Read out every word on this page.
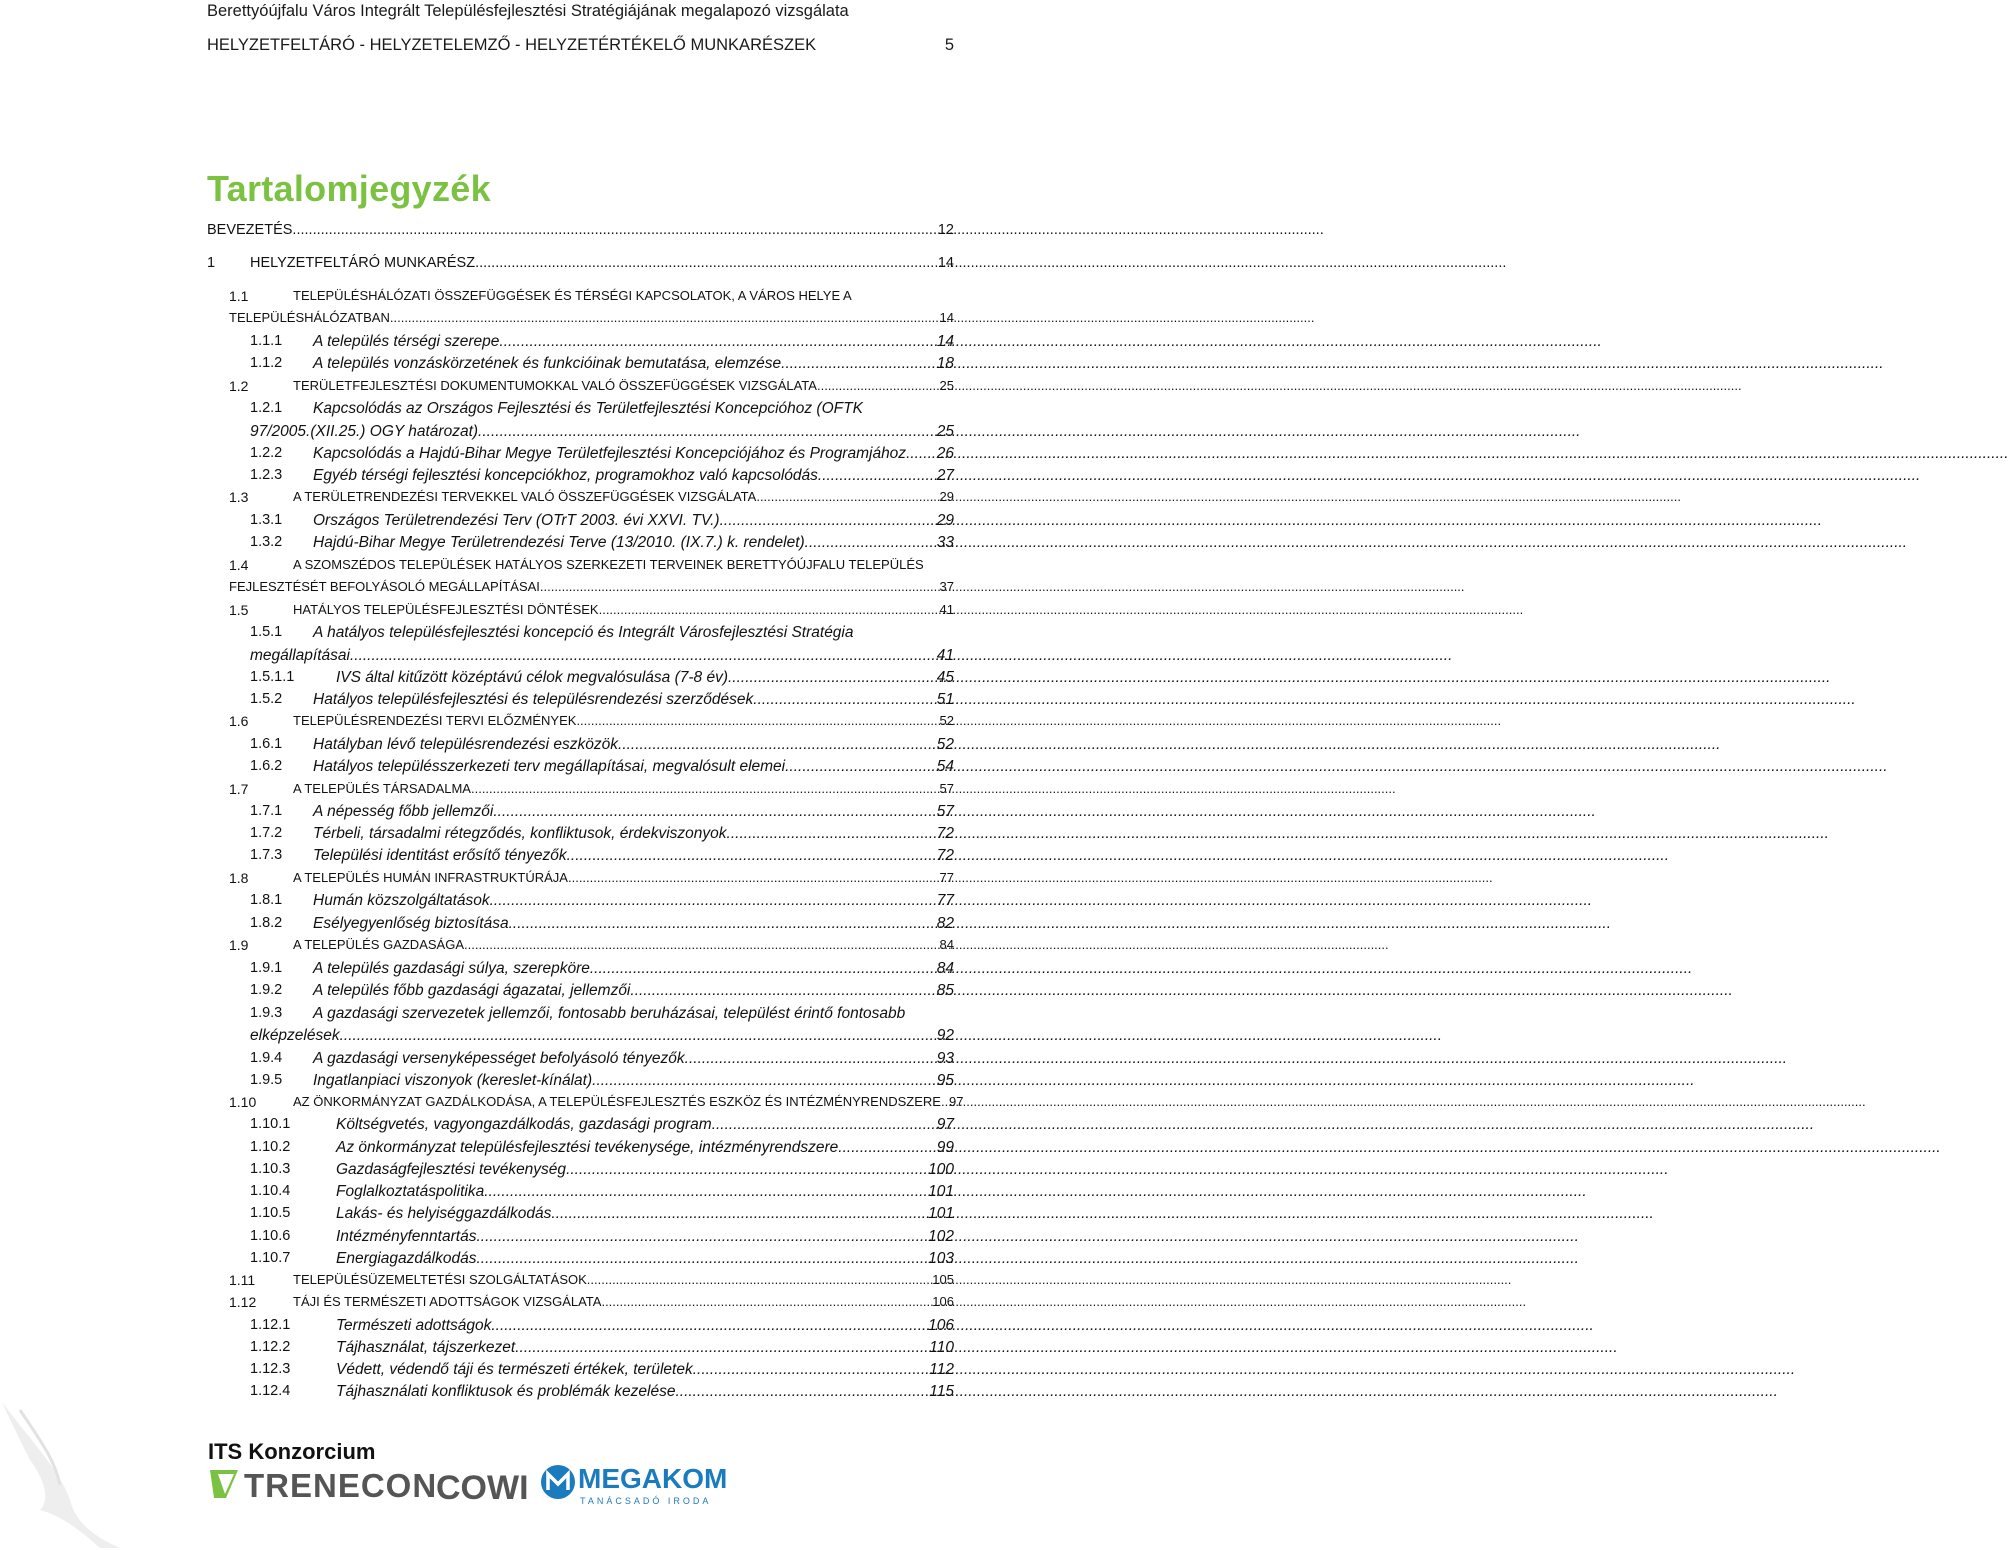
Berettyóújfalu Város Integrált Településfejlesztési Stratégiájának megalapozó vizsgálata
HELYZETFELTÁRÓ - HELYZETELEMZŐ - HELYZETÉRTÉKELŐ MUNKARÉSZEK	5
Tartalomjegyzék
BEVEZETÉS .....	12
1 HELYZETFELTÁRÓ MUNKARÉSZ .....	14
1.1	TELEPÜLÉSHÁLÓZATI ÖSSZEFÜGGÉSEK ÉS TÉRSÉGI KAPCSOLATOK, A VÁROS HELYE A
TELEPÜLÉSHÁLÓZATBAN .....	14
1.1.1 A település térségi szerepe .....	14
1.1.2 A település vonzáskörzetének és funkcióinak bemutatása, elemzése .....	18
1.2	TERÜLETFEJLESZTÉSI DOKUMENTUMOKKAL VALÓ ÖSSZEFÜGGÉSEK VIZSGÁLATA .....	25
1.2.1 Kapcsolódás az Országos Fejlesztési és Területfejlesztési Koncepcióhoz (OFTK
97/2005.(XII.25.) OGY határozat) .....	25
1.2.2 Kapcsolódás a Hajdú-Bihar Megye Területfejlesztési Koncepciójához és Programjához ..... 26
1.2.3 Egyéb térségi fejlesztési koncepciókhoz, programokhoz való kapcsolódás .....	27
1.3	A TERÜLETRENDEZÉSI TERVEKKEL VALÓ ÖSSZEFÜGGÉSEK VIZSGÁLATA .....	29
1.3.1 Országos Területrendezési Terv (OTrT 2003. évi XXVI. TV.) .....	29
1.3.2 Hajdú-Bihar Megye Területrendezési Terve (13/2010. (IX.7.) k. rendelet) .....	33
1.4	A SZOMSZÉDOS TELEPÜLÉSEK HATÁLYOS SZERKEZETI TERVEINEK BERETTYÓÚJFALU TELEPÜLÉS
FEJLESZTÉSÉT BEFOLYÁSOLÓ MEGÁLLAPÍTÁSAI .....	37
1.5	HATÁLYOS TELEPÜLÉSFEJLESZTÉSI DÖNTÉSEK .....	41
1.5.1 A hatályos településfejlesztési koncepció és Integrált Városfejlesztési Stratégia
megállapításai .....	41
1.5.1.1	IVS által kitűzött középtávú célok megvalósulása (7-8 év) .....	45
1.5.2 Hatályos településfejlesztési és településrendezési szerződések .....	51
1.6	TELEPÜLÉSRENDEZÉSI TERVI ELŐZMÉNYEK .....	52
1.6.1 Hatályban lévő településrendezési eszközök .....	52
1.6.2 Hatályos településszerkezeti terv megállapításai, megvalósult elemei .....	54
1.7	A TELEPÜLÉS TÁRSADALMA .....	57
1.7.1 A népesség főbb jellemzői .....	57
1.7.2 Térbeli, társadalmi rétegződés, konfliktusok, érdekviszonyok .....	72
1.7.3 Települési identitást erősítő tényezők .....	72
1.8	A TELEPÜLÉS HUMÁN INFRASTRUKTÚRÁJA .....	77
1.8.1 Humán közszolgáltatások .....	77
1.8.2 Esélyegyenlőség biztosítása .....	82
1.9	A TELEPÜLÉS GAZDASÁGA .....	84
1.9.1 A település gazdasági súlya, szerepköre .....	84
1.9.2 A település főbb gazdasági ágazatai, jellemzői .....	85
1.9.3 A gazdasági szervezetek jellemzői, fontosabb beruházásai, települést érintő fontosabb
elképzelések .....	92
1.9.4 A gazdasági versenyképességet befolyásoló tényezők .....	93
1.9.5 Ingatlanpiaci viszonyok (kereslet-kínálat) .....	95
1.10	AZ ÖNKORMÁNYZAT GAZDÁLKODÁSA, A TELEPÜLÉSFEJLESZTÉS ESZKÖZ ÉS INTÉZMÉNYRENDSZERE ..... 97
1.10.1	Költségvetés, vagyongazdálkodás, gazdasági program .....	97
1.10.2	Az önkormányzat településfejlesztési tevékenysége, intézményrendszere .....	99
1.10.3	Gazdaságfejlesztési tevékenység .....	100
1.10.4	Foglalkoztatáspolitika .....	101
1.10.5	Lakás- és helyiséggazdálkodás .....	101
1.10.6	Intézményfenntartás .....	102
1.10.7	Energiagazdálkodás .....	103
1.11	TELEPÜLÉSÜZEMELTETÉSI SZOLGÁLTATÁSOK .....	105
1.12	TÁJI ÉS TERMÉSZETI ADOTTSÁGOK VIZSGÁLATA .....	106
1.12.1	Természeti adottságok .....	106
1.12.2	Tájhasználat, tájszerkezet .....	110
1.12.3	Védett, védendő táji és természeti értékek, területek .....	112
1.12.4	Tájhasználati konfliktusok és problémák kezelése .....	115
ITS Konzorcium
TRENECON
COWI MEGAKOM
TANÁCSADÓ IRODA
